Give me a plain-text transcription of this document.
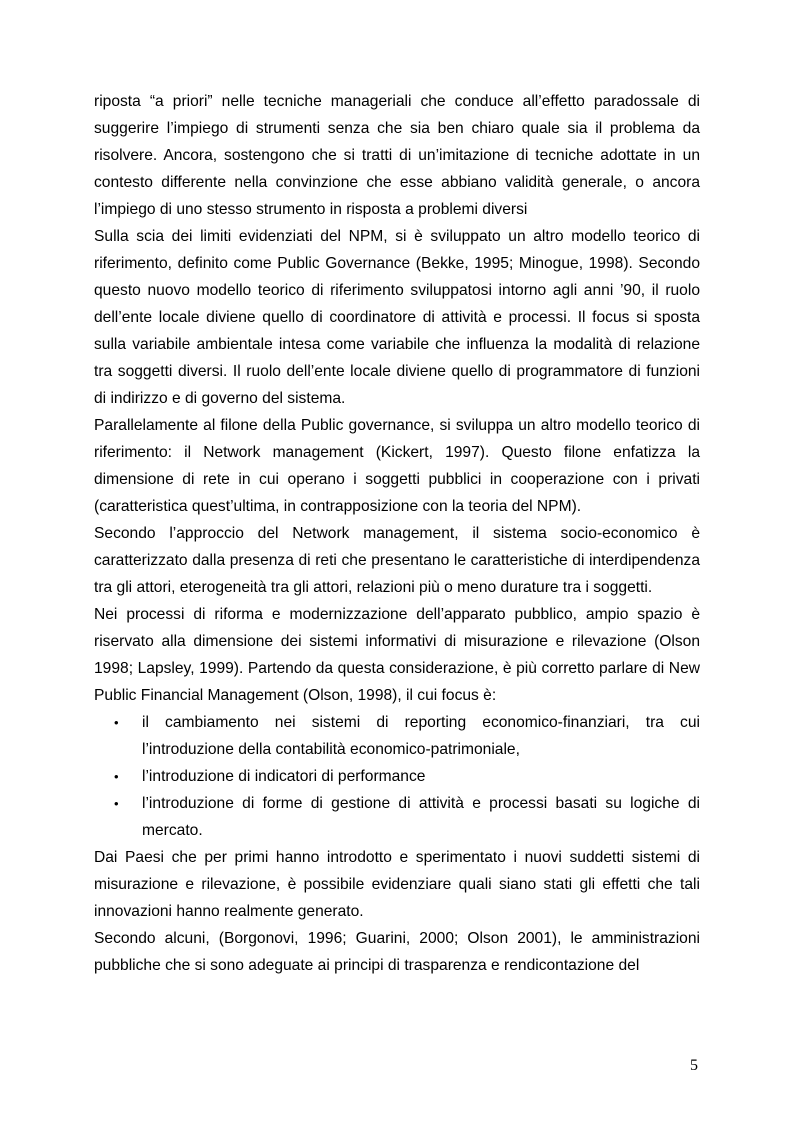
riposta “a priori” nelle tecniche manageriali che conduce all’effetto paradossale di suggerire l’impiego di strumenti senza che sia ben chiaro quale sia il problema da risolvere. Ancora, sostengono che si tratti di un’imitazione di tecniche adottate in un contesto differente nella convinzione che esse abbiano validità generale, o ancora l’impiego di uno stesso strumento in risposta a problemi diversi

Sulla scia dei limiti evidenziati del NPM, si è sviluppato un altro modello teorico di riferimento, definito come Public Governance (Bekke, 1995; Minogue, 1998). Secondo questo nuovo modello teorico di riferimento sviluppatosi intorno agli anni ’90, il ruolo dell’ente locale diviene quello di coordinatore di attività e processi. Il focus si sposta sulla variabile ambientale intesa come variabile che influenza la modalità di relazione tra soggetti diversi. Il ruolo dell’ente locale diviene quello di programmatore di funzioni di indirizzo e di governo del sistema.

Parallelamente al filone della Public governance, si sviluppa un altro modello teorico di riferimento: il Network management (Kickert, 1997). Questo filone enfatizza la dimensione di rete in cui operano i soggetti pubblici in cooperazione con i privati (caratteristica quest’ultima, in contrapposizione con la teoria del NPM).

Secondo l’approccio del Network management, il sistema socio-economico è caratterizzato dalla presenza di reti che presentano le caratteristiche di interdipendenza tra gli attori, eterogeneità tra gli attori, relazioni più o meno durature tra i soggetti.

Nei processi di riforma e modernizzazione dell’apparato pubblico, ampio spazio è riservato alla dimensione dei sistemi informativi di misurazione e rilevazione (Olson 1998; Lapsley, 1999). Partendo da questa considerazione, è più corretto parlare di New Public Financial Management (Olson, 1998), il cui focus è:

• il cambiamento nei sistemi di reporting economico-finanziari, tra cui l’introduzione della contabilità economico-patrimoniale,
• l’introduzione di indicatori di performance
• l’introduzione di forme di gestione di attività e processi basati su logiche di mercato.

Dai Paesi che per primi hanno introdotto e sperimentato i nuovi suddetti sistemi di misurazione e rilevazione, è possibile evidenziare quali siano stati gli effetti che tali innovazioni hanno realmente generato.

Secondo alcuni, (Borgonovi, 1996; Guarini, 2000; Olson 2001), le amministrazioni pubbliche che si sono adeguate ai principi di trasparenza e rendicontazione del

5
